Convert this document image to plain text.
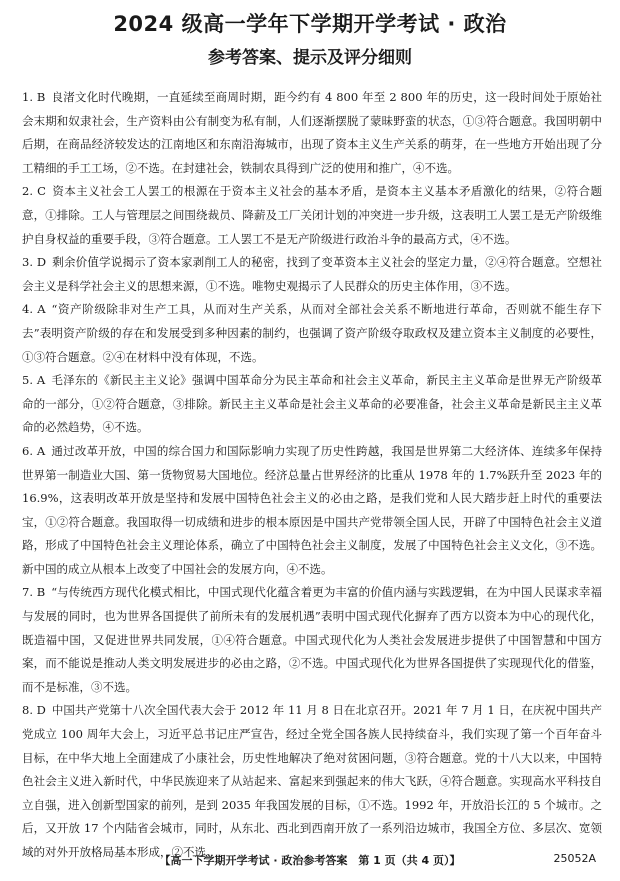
2024 级高一学年下学期开学考试 · 政治
参考答案、提示及评分细则

1. B 良渚文化时代晚期，一直延续至商周时期，距今约有 4 800 年至 2 800 年的历史，这一段时间处于原始社会末期和奴隶社会，生产资料由公有制变为私有制，人们逐渐摆脱了蒙昧野蛮的状态，①③符合题意。我国明朝中后期，在商品经济较发达的江南地区和东南沿海城市，出现了资本主义生产关系的萌芽，在一些地方开始出现了分工精细的手工工场，②不选。在封建社会，铁制农具得到广泛的使用和推广，④不选。

2. C 资本主义社会工人罢工的根源在于资本主义社会的基本矛盾，是资本主义基本矛盾激化的结果，②符合题意，①排除。工人与管理层之间围绕裁员、降薪及工厂关闭计划的冲突进一步升级，这表明工人罢工是无产阶级维护自身权益的重要手段，③符合题意。工人罢工不是无产阶级进行政治斗争的最高方式，④不选。

3. D 剩余价值学说揭示了资本家剥削工人的秘密，找到了变革资本主义社会的坚定力量，②④符合题意。空想社会主义是科学社会主义的思想来源，①不选。唯物史观揭示了人民群众的历史主体作用，③不选。

4. A “资产阶级除非对生产工具，从而对生产关系，从而对全部社会关系不断地进行革命，否则就不能生存下去”表明资产阶级的存在和发展受到多种因素的制约，也强调了资产阶级夺取政权及建立资本主义制度的必要性，①③符合题意。②④在材料中没有体现，不选。

5. A 毛泽东的《新民主主义论》强调中国革命分为民主革命和社会主义革命，新民主主义革命是世界无产阶级革命的一部分，①②符合题意，③排除。新民主主义革命是社会主义革命的必要准备，社会主义革命是新民主主义革命的必然趋势，④不选。

6. A 通过改革开放，中国的综合国力和国际影响力实现了历史性跨越，我国是世界第二大经济体、连续多年保持世界第一制造业大国、第一货物贸易大国地位。经济总量占世界经济的比重从 1978 年的 1.7%跃升至 2023 年的 16.9%，这表明改革开放是坚持和发展中国特色社会主义的必由之路，是我们党和人民大踏步赶上时代的重要法宝，①②符合题意。我国取得一切成绩和进步的根本原因是中国共产党带领全国人民，开辟了中国特色社会主义道路，形成了中国特色社会主义理论体系，确立了中国特色社会主义制度，发展了中国特色社会主义文化，③不选。新中国的成立从根本上改变了中国社会的发展方向，④不选。

7. B “与传统西方现代化模式相比，中国式现代化蕴含着更为丰富的价值内涵与实践逻辑，在为中国人民谋求幸福与发展的同时，也为世界各国提供了前所未有的发展机遇”表明中国式现代化摒弃了西方以资本为中心的现代化，既造福中国，又促进世界共同发展，①④符合题意。中国式现代化为人类社会发展进步提供了中国智慧和中国方案，而不能说是推动人类文明发展进步的必由之路，②不选。中国式现代化为世界各国提供了实现现代化的借鉴，而不是标准，③不选。

8. D 中国共产党第十八次全国代表大会于 2012 年 11 月 8 日在北京召开。2021 年 7 月 1 日，在庆祝中国共产党成立 100 周年大会上，习近平总书记庄严宣告，经过全党全国各族人民持续奋斗，我们实现了第一个百年奋斗目标，在中华大地上全面建成了小康社会，历史性地解决了绝对贫困问题，③符合题意。党的十八大以来，中国特色社会主义进入新时代，中华民族迎来了从站起来、富起来到强起来的伟大飞跃，④符合题意。实现高水平科技自立自强，进入创新型国家的前列，是到 2035 年我国发展的目标，①不选。1992 年，开放沿长江的 5 个城市。之后，又开放 17 个内陆省会城市，同时，从东北、西北到西南开放了一系列沿边城市，我国全方位、多层次、宽领域的对外开放格局基本形成，②不选。

【高一下学期开学考试 · 政治参考答案　第 1 页（共 4 页）】	25052A
